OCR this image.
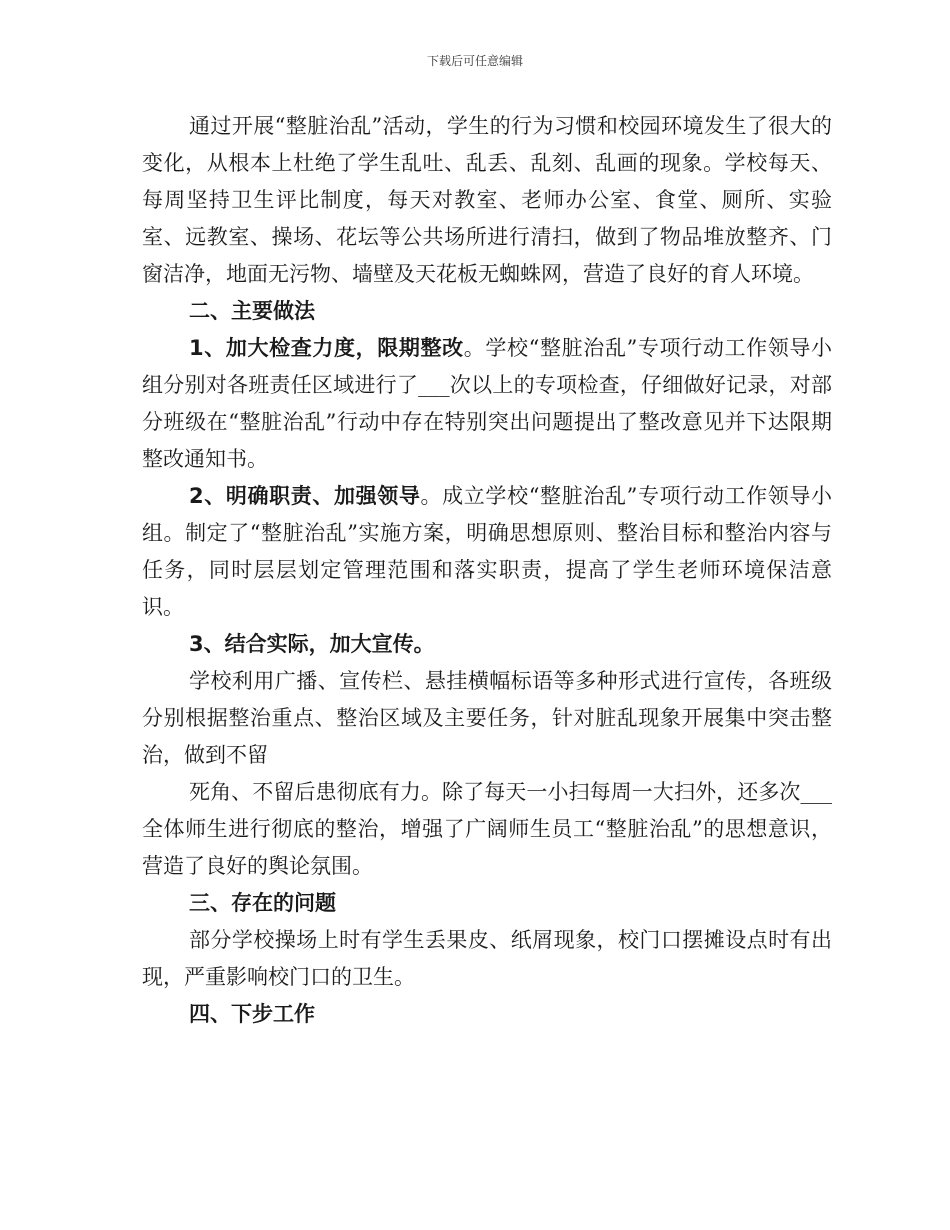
下载后可任意编辑

通过开展“整脏治乱”活动，学生的行为习惯和校园环境发生了很大的变化，从根本上杜绝了学生乱吐、乱丢、乱刻、乱画的现象。学校每天、每周坚持卫生评比制度，每天对教室、老师办公室、食堂、厕所、实验室、远教室、操场、花坛等公共场所进行清扫，做到了物品堆放整齐、门窗洁净，地面无污物、墙壁及天花板无蜘蛛网，营造了良好的育人环境。

二、主要做法

1、加大检查力度，限期整改。学校“整脏治乱”专项行动工作领导小组分别对各班责任区域进行了___次以上的专项检查，仔细做好记录，对部分班级在“整脏治乱”行动中存在特别突出问题提出了整改意见并下达限期整改通知书。

2、明确职责、加强领导。成立学校“整脏治乱”专项行动工作领导小组。制定了“整脏治乱”实施方案，明确思想原则、整治目标和整治内容与任务，同时层层划定管理范围和落实职责，提高了学生老师环境保洁意识。

3、结合实际，加大宣传。

学校利用广播、宣传栏、悬挂横幅标语等多种形式进行宣传，各班级分别根据整治重点、整治区域及主要任务，针对脏乱现象开展集中突击整治，做到不留

死角、不留后患彻底有力。除了每天一小扫每周一大扫外，还多次___全体师生进行彻底的整治，增强了广阔师生员工“整脏治乱”的思想意识，营造了良好的舆论氛围。

三、存在的问题

部分学校操场上时有学生丢果皮、纸屑现象，校门口摆摊设点时有出现，严重影响校门口的卫生。

四、下步工作
